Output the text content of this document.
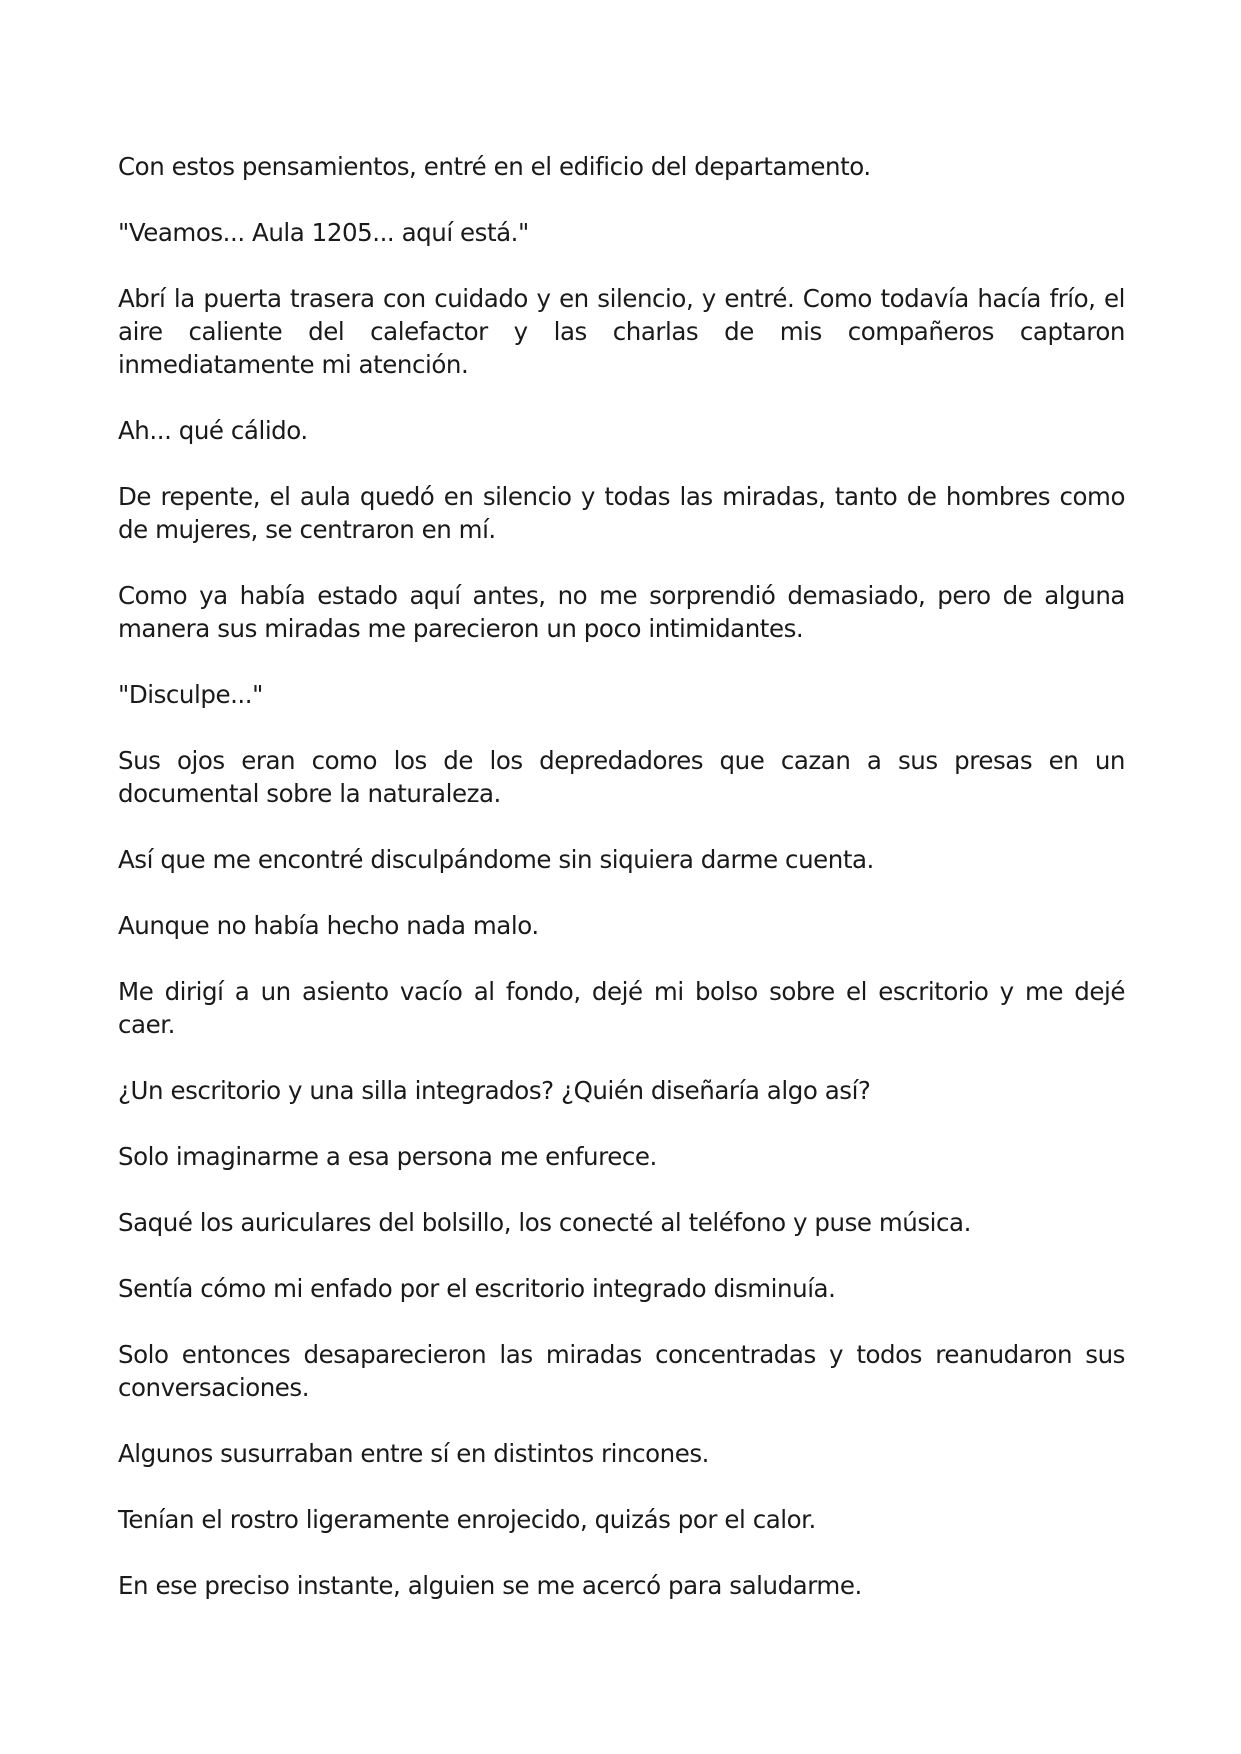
Con estos pensamientos, entré en el edificio del departamento.

"Veamos... Aula 1205... aquí está."

Abrí la puerta trasera con cuidado y en silencio, y entré. Como todavía hacía frío, el aire caliente del calefactor y las charlas de mis compañeros captaron inmediatamente mi atención.

Ah... qué cálido.

De repente, el aula quedó en silencio y todas las miradas, tanto de hombres como de mujeres, se centraron en mí.

Como ya había estado aquí antes, no me sorprendió demasiado, pero de alguna manera sus miradas me parecieron un poco intimidantes.

"Disculpe..."

Sus ojos eran como los de los depredadores que cazan a sus presas en un documental sobre la naturaleza.

Así que me encontré disculpándome sin siquiera darme cuenta.

Aunque no había hecho nada malo.

Me dirigí a un asiento vacío al fondo, dejé mi bolso sobre el escritorio y me dejé caer.

¿Un escritorio y una silla integrados? ¿Quién diseñaría algo así?

Solo imaginarme a esa persona me enfurece.

Saqué los auriculares del bolsillo, los conecté al teléfono y puse música.

Sentía cómo mi enfado por el escritorio integrado disminuía.

Solo entonces desaparecieron las miradas concentradas y todos reanudaron sus conversaciones.

Algunos susurraban entre sí en distintos rincones.

Tenían el rostro ligeramente enrojecido, quizás por el calor.

En ese preciso instante, alguien se me acercó para saludarme.
